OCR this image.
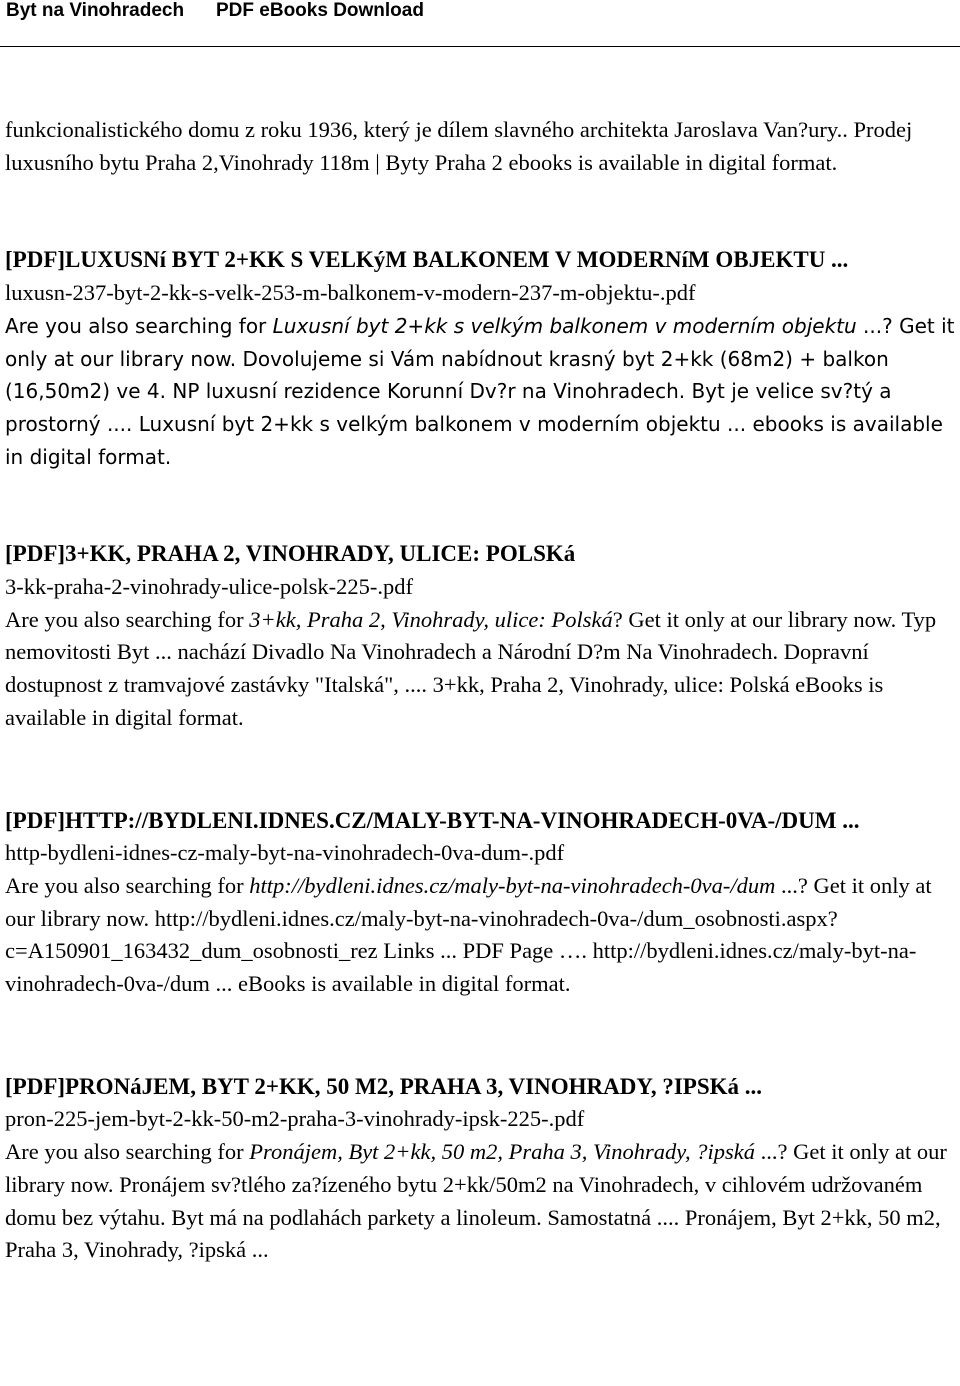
Byt na Vinohradech PDF eBooks Download

funkcionalistického domu z roku 1936, který je dílem slavného architekta Jaroslava Van?ury.. Prodej luxusního bytu Praha 2,Vinohrady 118m | Byty Praha 2 ebooks is available in digital format.

[PDF]LUXUSNí BYT 2+KK S VELKýM BALKONEM V MODERNíM OBJEKTU ...

luxusn-237-byt-2-kk-s-velk-253-m-balkonem-v-modern-237-m-objektu-.pdf

Are you also searching for Luxusní byt 2+kk s velkým balkonem v moderním objektu ...? Get it only at our library now. Dovolujeme si Vám nabídnout krasný byt 2+kk (68m2) + balkon (16,50m2) ve 4. NP luxusní rezidence Korunní Dv?r na Vinohradech. Byt je velice sv?tý a prostorný .... Luxusní byt 2+kk s velkým balkonem v moderním objektu ... ebooks is available in digital format.

[PDF]3+KK, PRAHA 2, VINOHRADY, ULICE: POLSKá

3-kk-praha-2-vinohrady-ulice-polsk-225-.pdf

Are you also searching for 3+kk, Praha 2, Vinohrady, ulice: Polská? Get it only at our library now. Typ nemovitosti Byt ... nachází Divadlo Na Vinohradech a Národní D?m Na Vinohradech. Dopravní dostupnost z tramvajové zastávky "Italská", .... 3+kk, Praha 2, Vinohrady, ulice: Polská eBooks is available in digital format.

[PDF]HTTP://BYDLENI.IDNES.CZ/MALY-BYT-NA-VINOHRADECH-0VA-/DUM ...

http-bydleni-idnes-cz-maly-byt-na-vinohradech-0va-dum-.pdf

Are you also searching for http://bydleni.idnes.cz/maly-byt-na-vinohradech-0va-/dum ...? Get it only at our library now. http://bydleni.idnes.cz/maly-byt-na-vinohradech-0va-/dum_osobnosti.aspx?c=A150901_163432_dum_osobnosti_rez Links ... PDF Page …. http://bydleni.idnes.cz/maly-byt-na-vinohradech-0va-/dum ... eBooks is available in digital format.

[PDF]PRONáJEM, BYT 2+KK, 50 M2, PRAHA 3, VINOHRADY, ?IPSKá ...

pron-225-jem-byt-2-kk-50-m2-praha-3-vinohrady-ipsk-225-.pdf

Are you also searching for Pronájem, Byt 2+kk, 50 m2, Praha 3, Vinohrady, ?ipská ...? Get it only at our library now. Pronájem sv?tlého za?ízeného bytu 2+kk/50m2 na Vinohradech, v cihlovém udržovaném domu bez výtahu. Byt má na podlahách parkety a linoleum. Samostatná .... Pronájem, Byt 2+kk, 50 m2, Praha 3, Vinohrady, ?ipská ...
